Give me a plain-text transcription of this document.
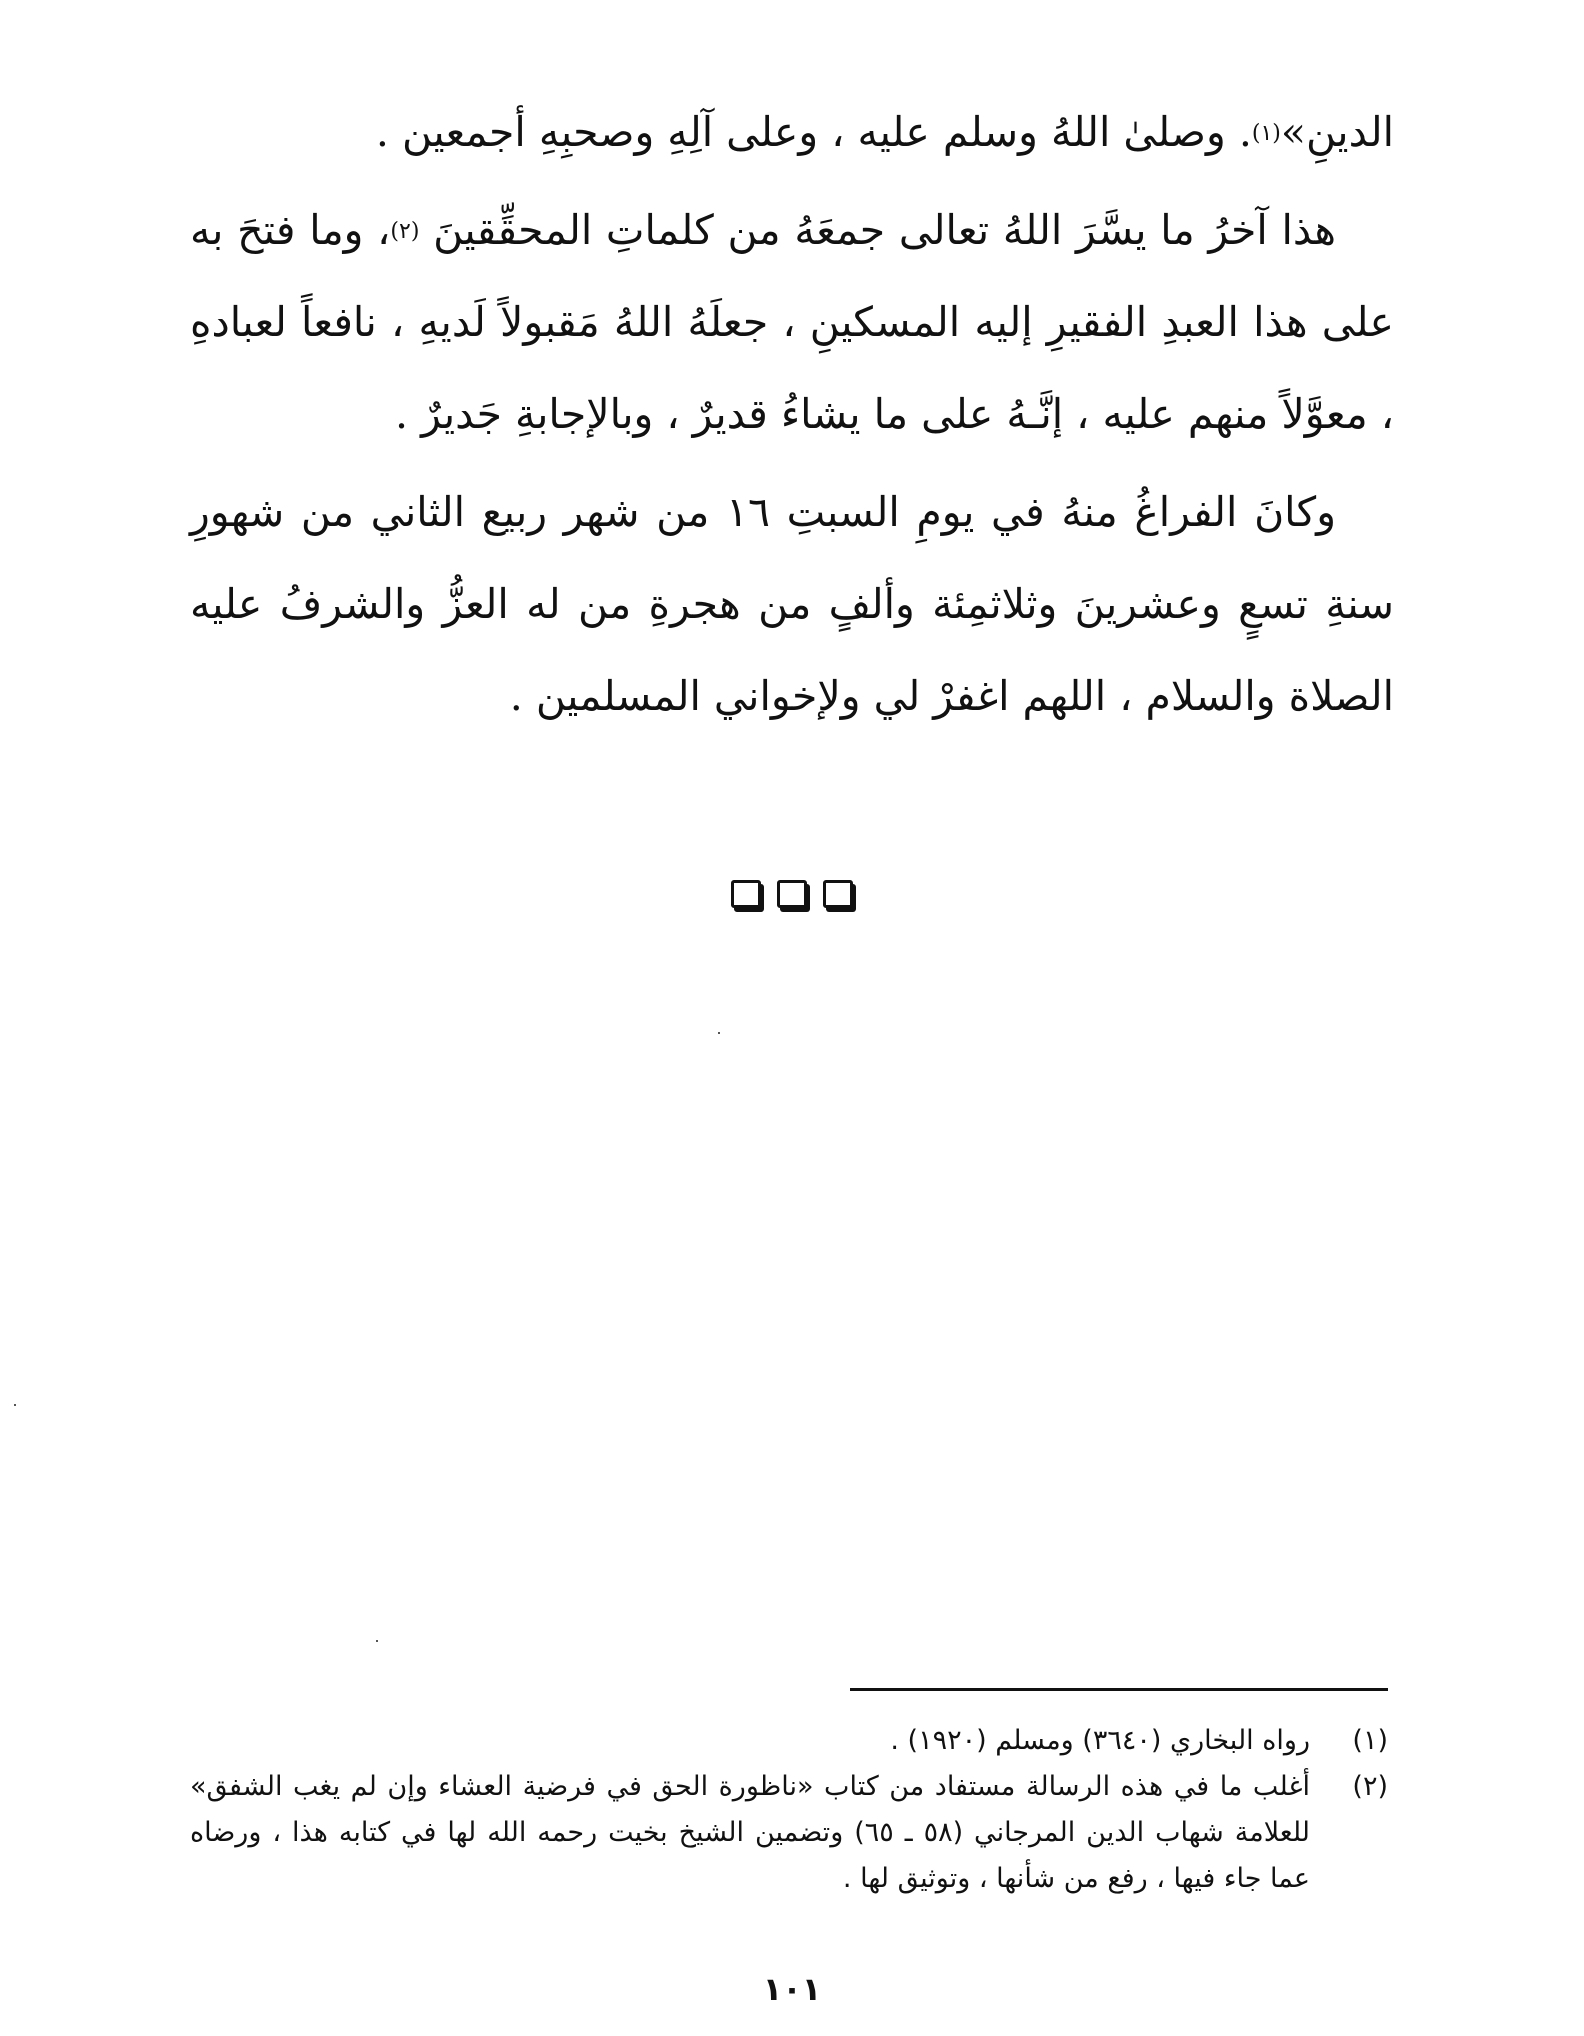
الدينِ»$^{(١)}$. وصلىٰ اللهُ وسلم عليه ، وعلى آلِهِ وصحبِهِ أجمعين .

هذا آخرُ ما يسَّرَ اللهُ تعالى جمعَهُ من كلماتِ المحقِّقينَ $^{(٢)}$، وما فتحَ به على هذا العبدِ الفقيرِ إليه المسكينِ ، جعلَهُ اللهُ مَقبولاً لَديهِ ، نافعاً لعبادهِ ، معوَّلاً منهم عليه ، إنَّـهُ على ما يشاءُ قديرٌ ، وبالإجابةِ جَديرٌ .

وكانَ الفراغُ منهُ في يومِ السبتِ ١٦ من شهر ربيع الثاني من شهورِ سنةِ تسعٍ وعشرينَ وثلاثمِئة وألفٍ من هجرةِ من له العزُّ والشرفُ عليه الصلاة والسلام ، اللهم اغفرْ لي ولإخواني المسلمين .

(١)
رواه البخاري (٣٦٤٠) ومسلم (١٩٢٠) .
(٢)
أغلب ما في هذه الرسالة مستفاد من كتاب «ناظورة الحق في فرضية العشاء وإن لم يغب الشفق» للعلامة شهاب الدين المرجاني (٥٨ ـ ٦٥) وتضمين الشيخ بخيت رحمه الله لها في كتابه هذا ، ورضاه عما جاء فيها ، رفع من شأنها ، وتوثيق لها .
١٠١
